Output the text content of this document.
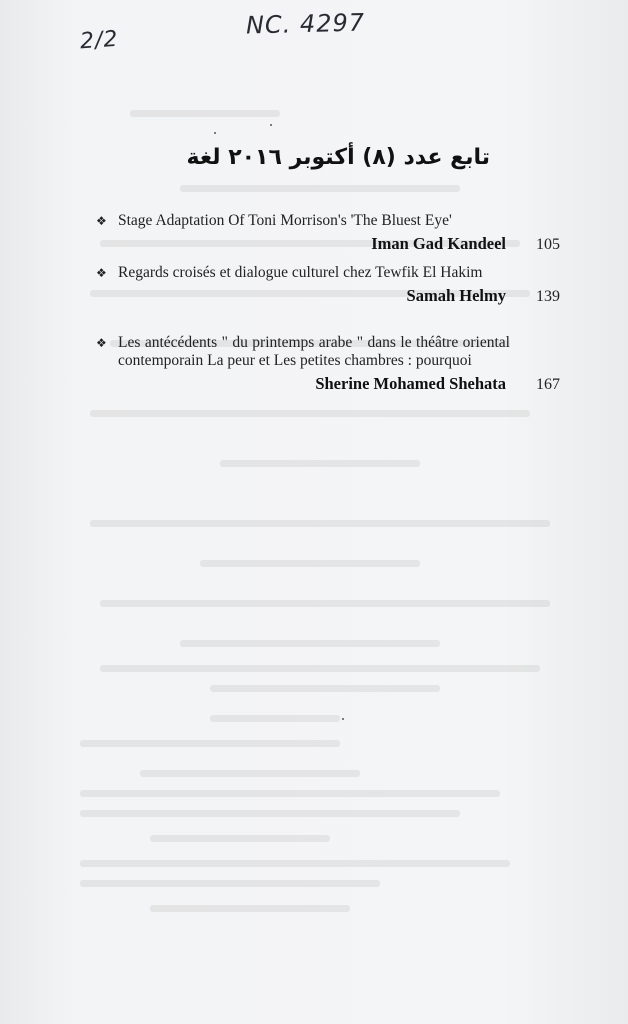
NC. 4297
2/2
تابع عدد (٨) أكتوبر ٢٠١٦ لغة
❖ Stage Adaptation Of Toni Morrison's 'The Bluest Eye'
Iman Gad Kandeel	105
❖ Regards croisés et dialogue culturel chez Tewfik El Hakim
Samah Helmy	139
❖ Les antécédents " du printemps arabe " dans le théâtre oriental contemporain La peur et Les petites chambres : pourquoi
Sherine Mohamed Shehata	167
